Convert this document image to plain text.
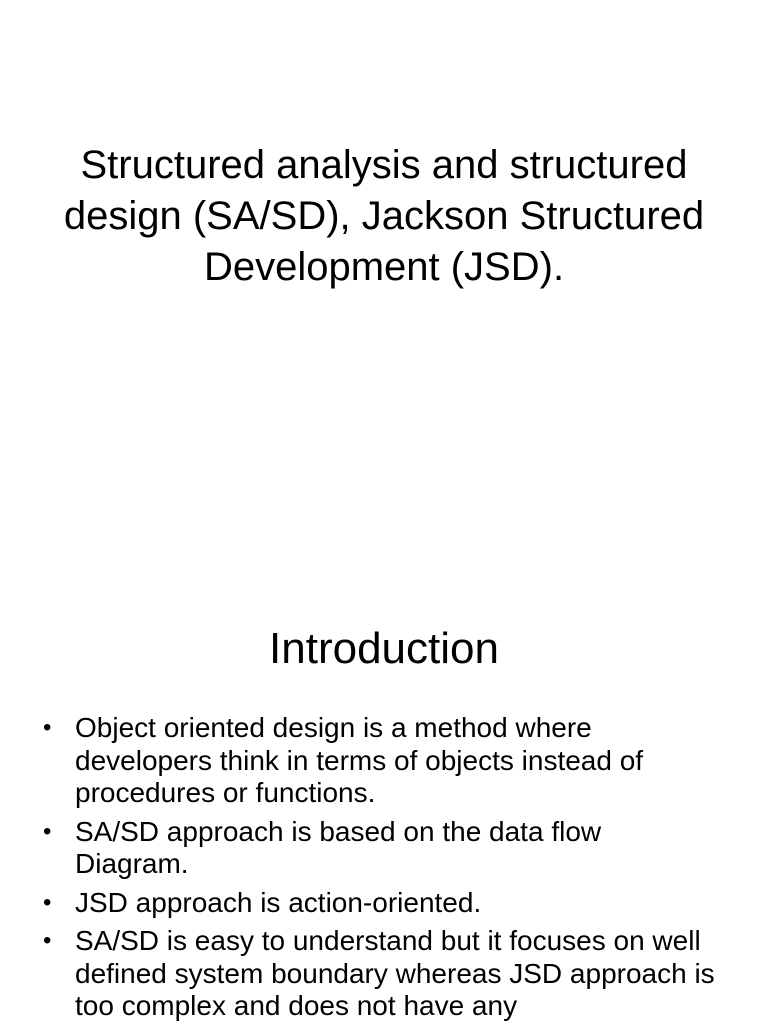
Structured analysis and structured design (SA/SD), Jackson Structured Development (JSD).
Introduction
• Object oriented design is a method where developers think in terms of objects instead of procedures or functions.
• SA/SD approach is based on the data flow Diagram.
• JSD approach is action-oriented.
• SA/SD is easy to understand but it focuses on well defined system boundary whereas JSD approach is too complex and does not have any
